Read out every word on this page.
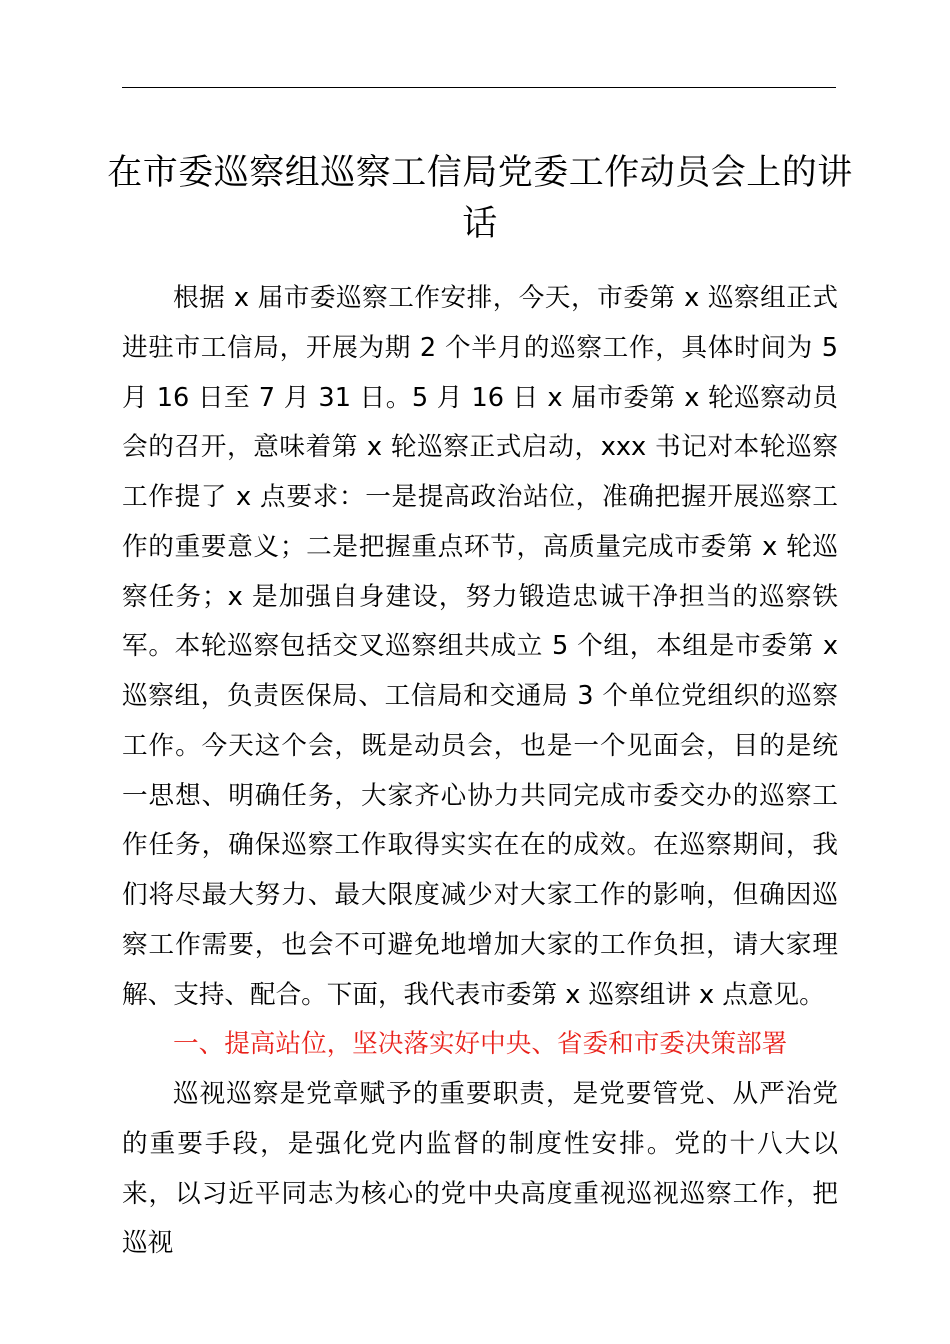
在市委巡察组巡察工信局党委工作动员会上的讲话

根据 x 届市委巡察工作安排，今天，市委第 x 巡察组正式进驻市工信局，开展为期 2 个半月的巡察工作，具体时间为 5 月 16 日至 7 月 31 日。5 月 16 日 x 届市委第 x 轮巡察动员会的召开，意味着第 x 轮巡察正式启动，xxx 书记对本轮巡察工作提了 x 点要求：一是提高政治站位，准确把握开展巡察工作的重要意义；二是把握重点环节，高质量完成市委第 x 轮巡察任务；x 是加强自身建设，努力锻造忠诚干净担当的巡察铁军。本轮巡察包括交叉巡察组共成立 5 个组，本组是市委第 x 巡察组，负责医保局、工信局和交通局 3 个单位党组织的巡察工作。今天这个会，既是动员会，也是一个见面会，目的是统一思想、明确任务，大家齐心协力共同完成市委交办的巡察工作任务，确保巡察工作取得实实在在的成效。在巡察期间，我们将尽最大努力、最大限度减少对大家工作的影响，但确因巡察工作需要，也会不可避免地增加大家的工作负担，请大家理解、支持、配合。下面，我代表市委第 x 巡察组讲 x 点意见。

一、提高站位，坚决落实好中央、省委和市委决策部署

巡视巡察是党章赋予的重要职责，是党要管党、从严治党的重要手段，是强化党内监督的制度性安排。党的十八大以来，以习近平同志为核心的党中央高度重视巡视巡察工作，把巡视
